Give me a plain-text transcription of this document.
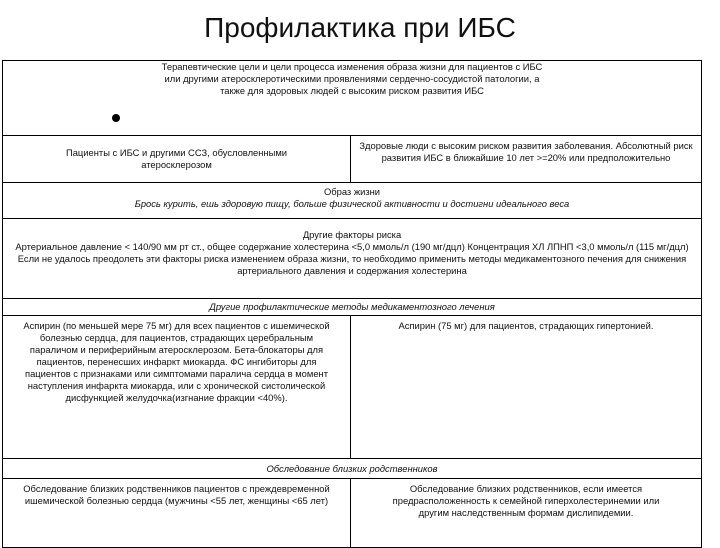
Профилактика при ИБС
Терапевтические цели и цели процесса изменения образа жизни для пациентов с ИБС или другими атеросклеротическими проявлениями сердечно-сосудистой патологии, а также для здоровых людей с высоким риском развития ИБС
Пациенты с ИБС и другими ССЗ, обусловленными атеросклерозом
Здоровые люди с высоким риском развития заболевания. Абсолютный риск развития ИБС в ближайшие 10 лет >=20% или предположительно
Образ жизни
Брось курить, ешь здоровую пищу, больше физической активности и достигни идеального веса
Другие факторы риска
Артериальное давление < 140/90 мм рт ст., общее содержание холестерина <5,0 ммоль/л (190 мг/дцл) Концентрация ХЛ ЛПНП <3,0 ммоль/л (115 мг/дцл) Если не удалось преодолеть эти факторы риска изменением образа жизни, то необходимо применить методы медикаментозного печения для снижения артериального давления и содержания холестерина
Другие профилактические методы медикаментозного лечения
Аспирин (по меньшей мере 75 мг) для всех пациентов с ишемической болезнью сердца, для пациентов, страдающих церебральным параличом и периферийным атеросклерозом. Бета-блокаторы для пациентов, перенесших инфаркт миокарда. ФС ингибиторы для пациентов с признаками или симптомами паралича сердца в момент наступления инфаркта миокарда, или с хронической систолической дисфункцией желудочка(изгнание фракции <40%).
Аспирин (75 мг) для пациентов, страдающих гипертонией.
Обследование близких родственников
Обследование близких родственников пациентов с преждевременной ишемической болезнью сердца (мужчины <55 лет, женщины <65 лет)
Обследование близких родственников, если имеется предрасположенность к семейной гиперхолестеринемии или другим наследственным формам дислипидемии.
